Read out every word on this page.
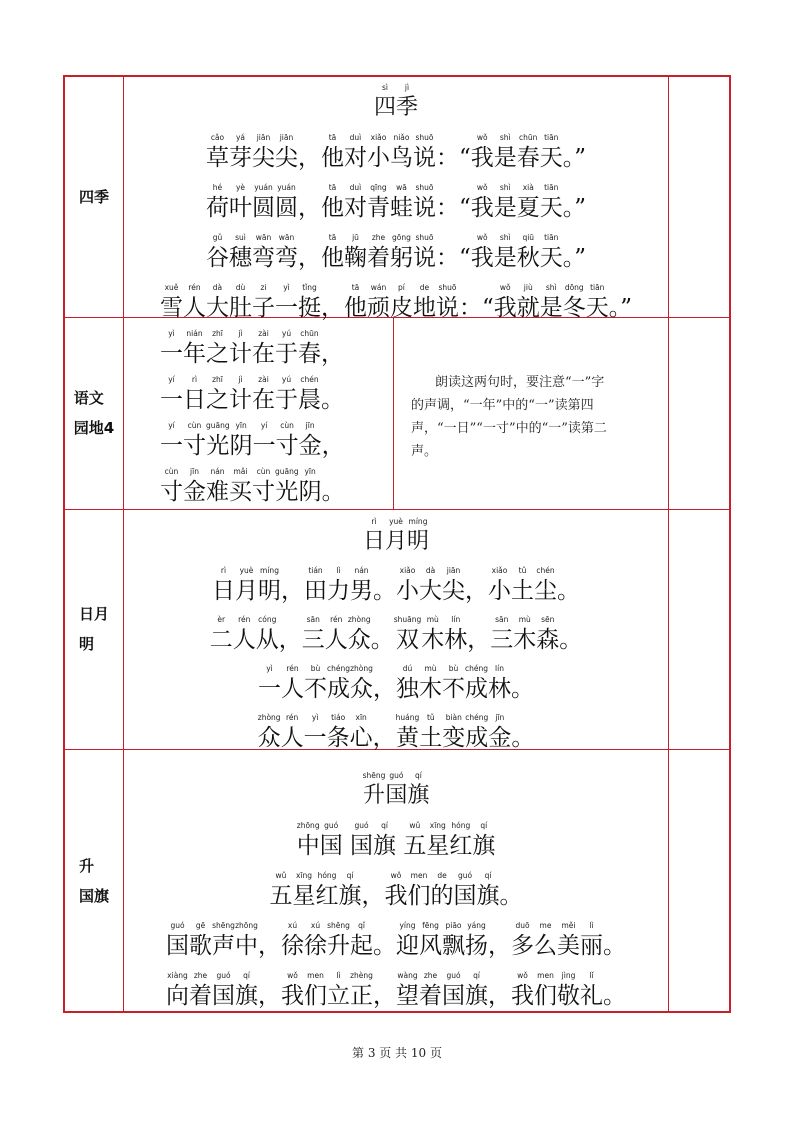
四季
sì
四
jì
季
cǎo
草
yá
芽
jiān
尖
jiān
尖 ，
tā
他
duì
对
xiǎo
小
niǎo
鸟
shuō
说 ： “
wǒ
我
shì
是
chūn
春
tiān
天 。”
hé
荷
yè
叶
yuán
圆
yuán
圆 ，
tā
他
duì
对
qīng
青
wā
蛙
shuō
说 ： “
wǒ
我
shì
是
xià
夏
tiān
天 。”
gǔ
谷
suì
穗
wān
弯
wān
弯 ，
tā
他
jū
鞠
zhe
着
gōng
躬
shuō
说 ： “
wǒ
我
shì
是
qiū
秋
tiān
天 。”
xuě
雪
rén
人
dà
大
dù
肚
zi
子
yì
一
tǐng
挺 ，
tā
他
wán
顽
pí
皮
de
地
shuō
说 ： “
wǒ
我
jiù
就
shì
是
dōng
冬
tiān
天 。”
语文
园地4
yì
一
nián
年
zhī
之
jì
计
zài
在
yú
于
chūn
春 ，
yí
一
rì
日
zhī
之
jì
计
zài
在
yú
于
chén
晨 。
yí
一
cùn
寸
guāng
光
yīn
阴
yí
一
cùn
寸
jīn
金 ，
cùn
寸
jīn
金
nán
难
mǎi
买
cùn
寸
guāng
光
yīn
阴 。
朗读这两句时，要注意“一”字的声调，“一年”中的“一”读第四声，“一日”“一寸”中的“一”读第二声。
日月
明
rì
日
yuè
月
míng
明
rì
日
yuè
月
míng
明 ，
tián
田
lì
力
nán
男 。
xiǎo
小
dà
大
jiān
尖 ，
xiǎo
小
tǔ
土
chén
尘 。
èr
二
rén
人
cóng
从 ，
sān
三
rén
人
zhòng
众 。
shuāng
双
mù
木
lín
林 ，
sān
三
mù
木
sēn
森 。
yì
一
rén
人
bù
不
chéng
成
zhòng
众 ，
dú
独
mù
木
bù
不
chéng
成
lín
林 。
zhòng
众
rén
人
yì
一
tiáo
条
xīn
心 ，
huáng
黄
tǔ
土
biàn
变
chéng
成
jīn
金 。
升
国旗
shēng
升
guó
国
qí
旗
zhōng
中
guó
国

guó
国
qí
旗

wǔ
五
xīng
星
hóng
红
qí
旗
wǔ
五
xīng
星
hóng
红
qí
旗 ，
wǒ
我
men
们
de
的
guó
国
qí
旗 。
guó
国
gē
歌
shēng
声
zhōng
中 ，
xú
徐
xú
徐
shēng
升
qǐ
起 。
yíng
迎
fēng
风
piāo
飘
yáng
扬 ，
duō
多
me
么
měi
美
lì
丽 。
xiàng
向
zhe
着
guó
国
qí
旗 ，
wǒ
我
men
们
lì
立
zhèng
正 ，
wàng
望
zhe
着
guó
国
qí
旗 ，
wǒ
我
men
们
jìng
敬
lǐ
礼 。
第 3 页 共 10 页
